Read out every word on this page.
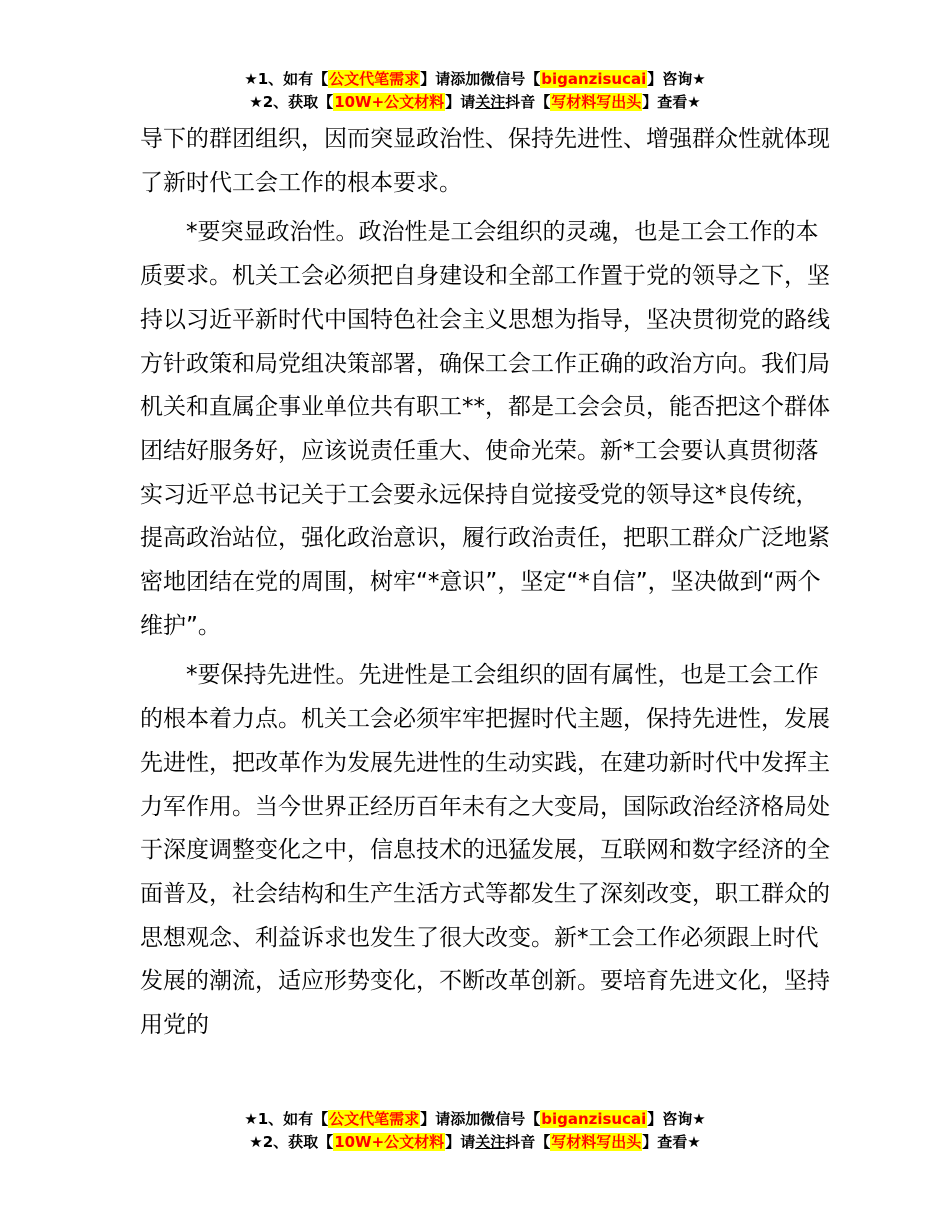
★1、如有【公文代笔需求】请添加微信号【biganzisucai】咨询★
★2、获取【10W+公文材料】请关注抖音【写材料写出头】查看★

导下的群团组织，因而突显政治性、保持先进性、增强群众性就体现了新时代工会工作的根本要求。

*要突显政治性。政治性是工会组织的灵魂，也是工会工作的本质要求。机关工会必须把自身建设和全部工作置于党的领导之下，坚持以习近平新时代中国特色社会主义思想为指导，坚决贯彻党的路线方针政策和局党组决策部署，确保工会工作正确的政治方向。我们局机关和直属企事业单位共有职工**，都是工会会员，能否把这个群体团结好服务好，应该说责任重大、使命光荣。新*工会要认真贯彻落实习近平总书记关于工会要永远保持自觉接受党的领导这*良传统，提高政治站位，强化政治意识，履行政治责任，把职工群众广泛地紧密地团结在党的周围，树牢“*意识”，坚定“*自信”，坚决做到“两个维护”。

*要保持先进性。先进性是工会组织的固有属性，也是工会工作的根本着力点。机关工会必须牢牢把握时代主题，保持先进性，发展先进性，把改革作为发展先进性的生动实践，在建功新时代中发挥主力军作用。当今世界正经历百年未有之大变局，国际政治经济格局处于深度调整变化之中，信息技术的迅猛发展，互联网和数字经济的全面普及，社会结构和生产生活方式等都发生了深刻改变，职工群众的思想观念、利益诉求也发生了很大改变。新*工会工作必须跟上时代发展的潮流，适应形势变化，不断改革创新。要培育先进文化，坚持用党的

★1、如有【公文代笔需求】请添加微信号【biganzisucai】咨询★
★2、获取【10W+公文材料】请关注抖音【写材料写出头】查看★
